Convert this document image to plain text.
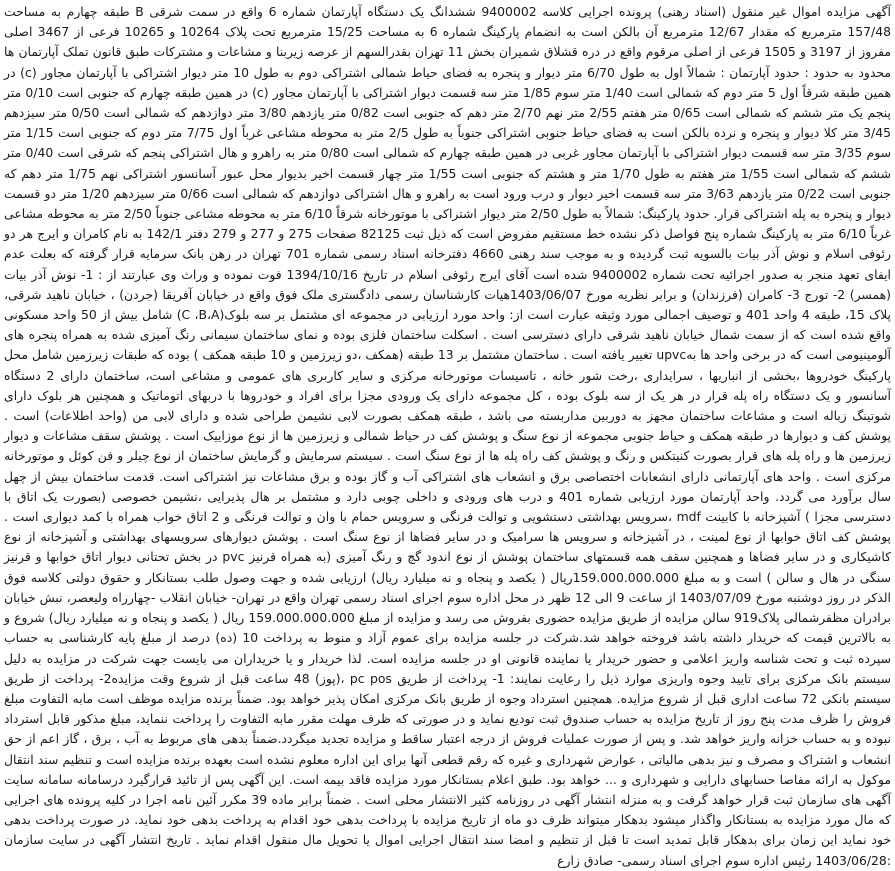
آگهی مزایده اموال غیر منقول (اسناد رهنی) پرونده اجرایی کلاسه 9400002 ششدانگ یک دستگاه آپارتمان شماره 6 واقع در سمت شرقی B طبقه چهارم به مساحت 157/48 مترمربع که مقدار 12/67 مترمربع آن بالکن است به انضمام پارکینگ شماره 6 به مساحت 15/25 مترمربع تحت پلاک 10264 و 10265 فرعی از 3467 اصلی مفروز از 3197 و 1505 فرعی از اصلی مرقوم واقع در دره قشلاق شمیران بخش 11 تهران بقدرالسهم از عرصه زیربنا و مشاعات و مشترکات طبق قانون تملک آپارتمان ها محدود به حدود : حدود آپارتمان : شمالاً اول به طول 6/70 متر دیوار و پنجره به فضای حیاط شمالی اشتراکی دوم به طول 10 متر دیوار اشتراکی با آپارتمان مجاور (c) در همین طبقه شرقاً اول 5 متر دوم که شمالی است 1/40 متر سوم 1/85 متر سه قسمت دیوار اشتراکی با آپارتمان مجاور (c) در همین طبقه چهارم که جنوبی است 0/10 متر پنجم یک متر ششم که شمالی است 0/65 متر هفتم 2/55 متر نهم 2/70 متر دهم که جنوبی است 0/82 متر یازدهم 3/80 متر دوازدهم که شمالی است 0/50 متر سیزدهم 3/45 متر کلا دیوار و پنجره و نرده بالکن است به فضای حیاط جنوبی اشتراکی جنوباً به طول 2/5 متر به محوطه مشاعی غرباً اول 7/75 متر دوم که جنوبی است 1/15 متر سوم 3/35 متر سه قسمت دیوار اشتراکی با آپارتمان مجاور غربی در همین طبقه چهارم که شمالی است 0/80 متر به راهرو و هال اشتراکی پنجم که شرقی است 0/40 متر ششم که شمالی است 1/55 متر هفتم به طول 1/70 متر و هشتم که جنوبی است 1/55 متر چهار قسمت اخیر بدیوار محل عبور آسانسور اشتراکی نهم 1/75 متر دهم که جنوبی است 0/22 متر یازدهم 3/63 متر سه قسمت اخیر دیوار و درب ورود است به راهرو و هال اشتراکی دوازدهم که شمالی است 0/66 متر سیزدهم 1/20 متر دو قسمت دیوار و پنجره به پله اشتراکی قرار. حدود پارکینگ: شمالاً به طول 2/50 متر دیوار اشتراکی با موتورخانه شرقاً 6/10 متر به محوطه مشاعی جنوباً 2/50 متر به محوطه مشاعی غرباً 6/10 متر به پارکینگ شماره پنج فواصل ذکر نشده خط مستقیم مفروض است که ذیل ثبت 82125 صفحات 275 و 277 و 279 دفتر 142/1 به نام کامران و ایرج هر دو رئوفی اسلام و نوش آذر بیات بالسویه ثبت گردیده و به موجب سند رهنی 4660 دفترخانه اسناد رسمی شماره 701 تهران در رهن بانک سرمایه قرار گرفته که بعلت عدم ایفای تعهد منجر به صدور اجرائیه تحت شماره 9400002 شده است آقای ایرج رئوفی اسلام در تاریخ 1394/10/16 فوت نموده و وراث وی عبارتند از : 1- نوش آذر بیات (همسر) 2- تورج 3- کامران (فرزندان) و برابر نظریه مورخ 1403/06/07هیات کارشناسان رسمی دادگستری ملک فوق واقع در خیابان آفریقا (جردن) ، خیابان ناهید شرقی، پلاک 15، طبقه 4 واحد 401 و توصیف اجمالی مورد وثیقه عبارت است از: واحد مورد ارزیابی در مجموعه ای مشتمل بر سه بلوک(C ،B،A) شامل بیش از 50 واحد مسکونی واقع شده است که از سمت شمال خیابان ناهید شرقی دارای دسترسی است . اسکلت ساختمان فلزی بوده و نمای ساختمان سیمانی رنگ آمیزی شده به همراه پنجره های آلومینیومی است که در برخی واحد ها بهupvc تغییر یافته است . ساختمان مشتمل بر 13 طبقه (همکف ،دو زیرزمین و 10 طبقه همکف ) بوده که طبقات زیرزمین شامل محل پارکینگ خودروها ،بخشی از انباریها ، سرایداری ،رخت شور خانه ، تاسیسات موتورخانه مرکزی و سایر کاربری های عمومی و مشاعی است، ساختمان دارای 2 دستگاه آسانسور و یک دستگاه راه پله قرار در هر یک از سه بلوک بوده ، کل مجموعه دارای یک ورودی مجزا برای افراد و خودروها با دربهای اتوماتیک و همچنین هر بلوک دارای شوتینگ زباله است و مشاعات ساختمان مجهز به دوربین مداربسته می باشد ، طبقه همکف بصورت لابی نشیمن طراحی شده و دارای لابی من (واحد اطلاعات) است . پوشش کف و دیوارها در طبقه همکف و حیاط جنوبی مجموعه از نوع سنگ و پوشش کف در حیاط شمالی و زیرزمین ها از نوع موزاییک است . پوشش سقف مشاعات و دیوار زیرزمین ها و راه پله های قرار بصورت کنیتکس و رنگ و پوشش کف راه پله ها از نوع سنگ است . سیستم سرمایش و گرمایش ساختمان از نوع چیلر و فن کوئل و موتورخانه مرکزی است . واحد های آپارتمانی دارای انشعابات اختصاصی برق و انشعاب های اشتراکی آب و گاز بوده و برق مشاعات نیز اشتراکی است. قدمت ساختمان بیش از چهل سال برآورد می گردد. واحد آپارتمان مورد ارزیابی شماره 401 و درب های ورودی و داخلی چوبی دارد و مشتمل بر هال پذیرایی ،نشیمن خصوصی (بصورت یک اتاق با دسترسی مجزا ) آشپزخانه با کابینت mdf ،سرویس بهداشتی دستشویی و توالت فرنگی و سرویس حمام با وان و توالت فرنگی و 2 اتاق خواب همراه با کمد دیواری است . پوشش کف اتاق خوابها از نوع لمینت ، در آشپزخانه و سرویس ها سرامیک و در سایر فضاها از نوع سنگ است . پوشش دیوارهای سرویسهای بهداشتی و آشپزخانه از نوع کاشیکاری و در سایر فضاها و همچنین سقف همه قسمتهای ساختمان پوشش از نوع اندود گچ و رنگ آمیزی (به همراه قرنیز pvc در بخش تحتانی دیوار اتاق خوابها و قرنیز سنگی در هال و سالن ) است و به مبلغ 159.000.000.000ریال ( یکصد و پنجاه و نه میلیارد ریال) ارزیابی شده و جهت وصول طلب بستانکار و حقوق دولتی کلاسه فوق الذکر در روز دوشنبه مورخ 1403/07/09 از ساعت 9 الی 12 ظهر در محل اداره سوم اجرای اسناد رسمی تهران واقع در تهران- خیابان انقلاب -چهارراه ولیعصر، نبش خیابان برادران مظفرشمالی پلاک919 سالن مزایده از طریق مزایده حضوری بفروش می رسد و مزایده از مبلغ 159.000.000.000 ریال ( یکصد و پنجاه و نه میلیارد ریال) شروع و به بالاترین قیمت که خریدار داشته باشد فروخته خواهد شد.شرکت در جلسه مزایده برای عموم آزاد و منوط به پرداخت 10 (ده) درصد از مبلغ پایه کارشناسی به حساب سپرده ثبت و تحت شناسه واریز اعلامی و حضور خریدار یا نماینده قانونی او در جلسه مزایده است. لذا خریدار و یا خریداران می بایست جهت شرکت در مزایده به دلیل سیستم بانک مرکزی برای تایید وجوه واریزی موارد ذیل را رعایت نمایند: 1- پرداخت از طریق pc pos ،(پوز) 48 ساعت قبل از شروع وقت مزایده2- پرداخت از طریق سیستم بانکی 72 ساعت اداری قبل از شروع مزایده. همچنین استرداد وجوه از طریق بانک مرکزی امکان پذیر خواهد بود. ضمناً برنده مزایده موظف است مابه التفاوت مبلغ فروش را ظرف مدت پنج روز از تاریخ مزایده به حساب صندوق ثبت تودیع نماید و در صورتی که ظرف مهلت مقرر مابه التفاوت را پرداخت ننماید، مبلغ مذکور قابل استرداد نبوده و به حساب خزانه واریز خواهد شد. و پس از صورت عملیات فروش از درجه اعتبار ساقط و مزایده تجدید میگردد.ضمناً بدهی های مربوط به آب ، برق ، گاز اعم از حق انشعاب و اشتراک و مصرف و نیز بدهی مالیاتی ، عوارض شهرداری و غیره که رقم قطعی آنها برای این اداره معلوم نشده است بعهده برنده مزایده است و تنظیم سند انتقال موکول به ارائه مفاصا حسابهای دارایی و شهرداری و ... خواهد بود. طبق اعلام بستانکار مورد مزایده فاقد بیمه است. این آگهی پس از تائید قرارگیرد درسامانه سامانه سایت آگهی های سازمان ثبت قرار خواهد گرفت و به منزله انتشار آگهی در روزنامه کثیر الانتشار محلی است . ضمناً برابر ماده 39 مکرر آئین نامه اجرا در کلیه پرونده های اجرایی که مال مورد مزایده به بستانکار واگذار میشود بدهکار میتواند ظرف دو ماه از تاریخ مزایده با پرداخت بدهی خود اقدام به پرداخت بدهی خود نماید. در صورت پرداخت بدهی خود نماید این زمان برای بدهکار قابل تمدید است تا قبل از تنظیم و امضا سند انتقال اجرایی اموال یا تحویل مال منقول اقدام نماید . تاریخ انتشار آگهی در سایت سازمان :1403/06/28 رئیس اداره سوم اجرای اسناد رسمی- صادق زارع
